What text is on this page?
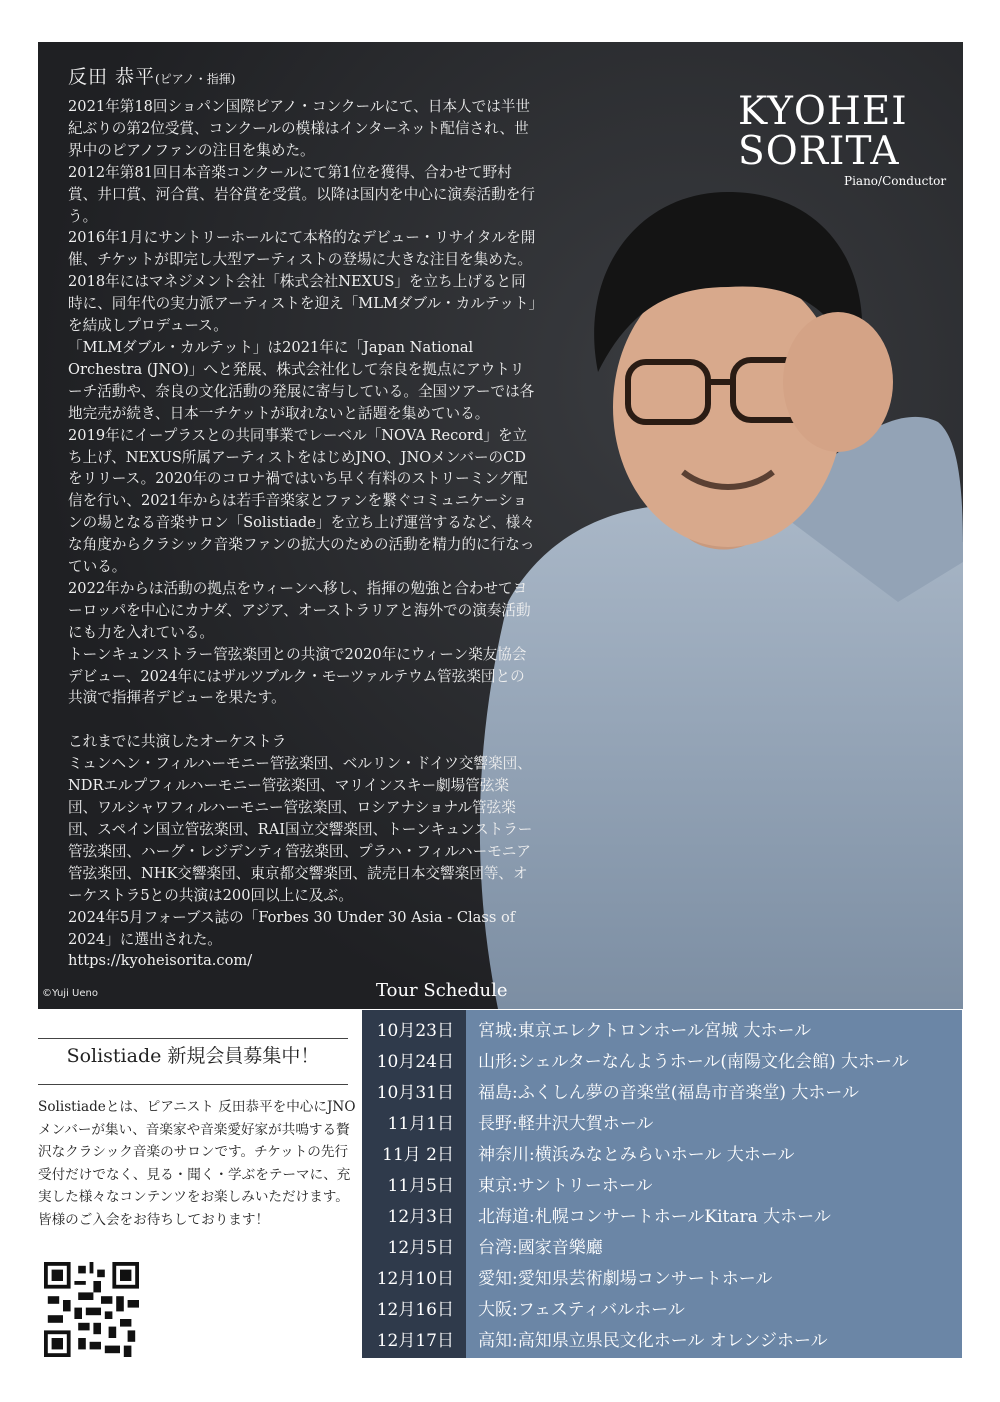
反田 恭平(ピアノ・指揮)

2021年第18回ショパン国際ピアノ・コンクールにて、日本人では半世紀ぶりの第2位受賞、コンクールの模様はインターネット配信され、世界中のピアノファンの注目を集めた。

2012年第81回日本音楽コンクールにて第1位を獲得、合わせて野村賞、井口賞、河合賞、岩谷賞を受賞。以降は国内を中心に演奏活動を行う。

2016年1月にサントリーホールにて本格的なデビュー・リサイタルを開催、チケットが即完し大型アーティストの登場に大きな注目を集めた。2018年にはマネジメント会社「株式会社NEXUS」を立ち上げると同時に、同年代の実力派アーティストを迎え「MLMダブル・カルテット」を結成しプロデュース。

「MLMダブル・カルテット」は2021年に「Japan National Orchestra (JNO)」へと発展、株式会社化して奈良を拠点にアウトリーチ活動や、奈良の文化活動の発展に寄与している。全国ツアーでは各地完売が続き、日本一チケットが取れないと話題を集めている。

2019年にイープラスとの共同事業でレーベル「NOVA Record」を立ち上げ、NEXUS所属アーティストをはじめJNO、JNOメンバーのCDをリリース。2020年のコロナ禍ではいち早く有料のストリーミング配信を行い、2021年からは若手音楽家とファンを繋ぐコミュニケーションの場となる音楽サロン「Solistiade」を立ち上げ運営するなど、様々な角度からクラシック音楽ファンの拡大のための活動を精力的に行なっている。

2022年からは活動の拠点をウィーンへ移し、指揮の勉強と合わせてヨーロッパを中心にカナダ、アジア、オーストラリアと海外での演奏活動にも力を入れている。

トーンキュンストラー管弦楽団との共演で2020年にウィーン楽友協会デビュー、2024年にはザルツブルク・モーツァルテウム管弦楽団との共演で指揮者デビューを果たす。

これまでに共演したオーケストラ

ミュンヘン・フィルハーモニー管弦楽団、ベルリン・ドイツ交響楽団、NDRエルプフィルハーモニー管弦楽団、マリインスキー劇場管弦楽団、ワルシャワフィルハーモニー管弦楽団、ロシアナショナル管弦楽団、スペイン国立管弦楽団、RAI国立交響楽団、トーンキュンストラー管弦楽団、ハーグ・レジデンティ管弦楽団、プラハ・フィルハーモニア管弦楽団、NHK交響楽団、東京都交響楽団、読売日本交響楽団等、オーケストラ5との共演は200回以上に及ぶ。

2024年5月フォーブス誌の「Forbes 30 Under 30 Asia - Class of 2024」に選出された。

https://kyoheisorita.com/

KYOHEI
SORITA
Piano/Conductor
©Yuji Ueno	Tour Schedule
10月23日 宮城:東京エレクトロンホール宮城 大ホール
10月24日 山形:シェルターなんようホール(南陽文化会館) 大ホール
10月31日 福島:ふくしん夢の音楽堂(福島市音楽堂) 大ホール
11月1日 長野:軽井沢大賀ホール
11月 2日 神奈川:横浜みなとみらいホール 大ホール
11月5日 東京:サントリーホール
12月3日 北海道:札幌コンサートホールKitara 大ホール
12月5日 台湾:國家音樂廳
12月10日 愛知:愛知県芸術劇場コンサートホール
12月16日 大阪:フェスティバルホール
12月17日 高知:高知県立県民文化ホール オレンジホール
Solistiade 新規会員募集中！

Solistiadeとは、ピアニスト 反田恭平を中心にJNOメンバーが集い、音楽家や音楽愛好家が共鳴する贅沢なクラシック音楽のサロンです。チケットの先行受付だけでなく、見る・聞く・学ぶをテーマに、充実した様々なコンテンツをお楽しみいただけます。

皆様のご入会をお待ちしております！
